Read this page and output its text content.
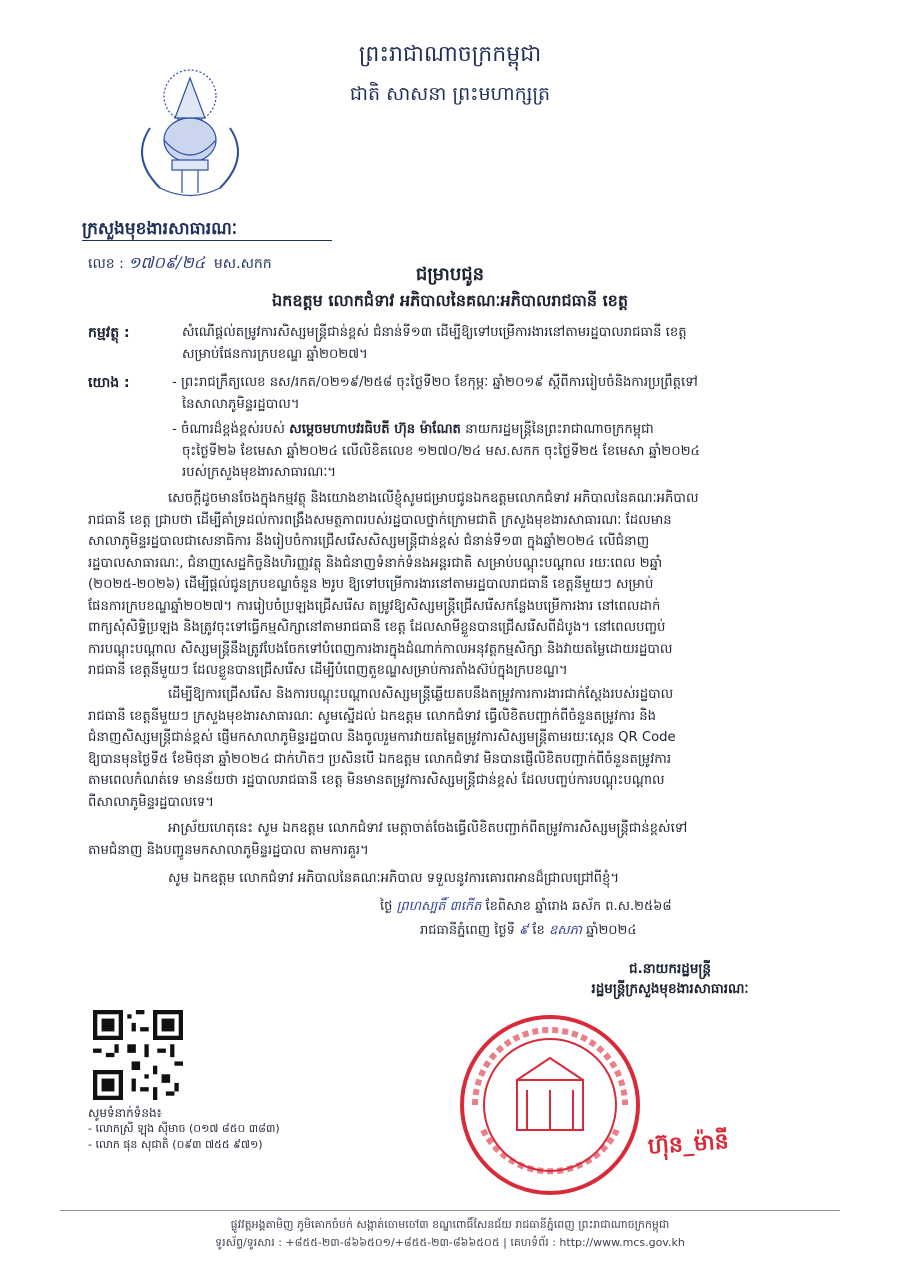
ព្រះរាជាណាចក្រកម្ពុជា
ជាតិ សាសនា ព្រះមហាក្សត្រ
ក្រសួងមុខងារសាធារណៈ
លេខ : ១៧០៩/២៤ មស.សកក	ជម្រាបជូន
ឯកឧត្តម លោកជំទាវ អភិបាលនៃគណៈអភិបាលរាជធានី ខេត្ត
កម្មវត្ថុ :	សំណើផ្តល់តម្រូវការសិស្សមន្ត្រីជាន់ខ្ពស់ ជំនាន់ទី១៣ ដើម្បីឱ្យទៅបម្រើការងារនៅតាមរដ្ឋបាលរាជធានី ខេត្ត
សម្រាប់ផែនការក្របខណ្ឌ ឆ្នាំ២០២៧។
យោង :	- ព្រះរាជក្រឹត្យលេខ នស/រកត/០២១៩/២៥៨ ចុះថ្ងៃទី២០ ខែកុម្ភៈ ឆ្នាំ២០១៩ ស្តីពីការរៀបចំនិងការប្រព្រឹត្តទៅ
នៃសាលាភូមិន្ទរដ្ឋបាល។
- ចំណារដ៏ខ្ពង់ខ្ពស់របស់ សម្តេចមហាបវរធិបតី ហ៊ុន ម៉ាណែត នាយករដ្ឋមន្ត្រីនៃព្រះរាជាណាចក្រកម្ពុជា
ចុះថ្ងៃទី២៦ ខែមេសា ឆ្នាំ២០២៤ លើលិខិតលេខ ១២៧០/២៤ មស.សកក ចុះថ្ងៃទី២៥ ខែមេសា ឆ្នាំ២០២៤
របស់ក្រសួងមុខងារសាធារណៈ។
សេចក្តីដូចមានចែងក្នុងកម្មវត្ថុ និងយោងខាងលើខ្ញុំសូមជម្រាបជូនឯកឧត្តមលោកជំទាវ អភិបាលនៃគណៈអភិបាល
រាជធានី ខេត្ត ជ្រាបថា ដើម្បីគាំទ្រដល់ការពង្រឹងសមត្ថភាពរបស់រដ្ឋបាលថ្នាក់ក្រោមជាតិ ក្រសួងមុខងារសាធារណៈ ដែលមាន
សាលាភូមិន្ទរដ្ឋបាលជាសេនាធិការ នឹងរៀបចំការជ្រើសរើសសិស្សមន្ត្រីជាន់ខ្ពស់ ជំនាន់ទី១៣ ក្នុងឆ្នាំ២០២៤ លើជំនាញ
រដ្ឋបាលសាធារណៈ, ជំនាញសេដ្ឋកិច្ចនិងហិរញ្ញវត្ថុ និងជំនាញទំនាក់ទំនងអន្តរជាតិ សម្រាប់បណ្តុះបណ្តាល រយៈពេល ២ឆ្នាំ
(២០២៥-២០២៦) ដើម្បីផ្តល់ជូនក្របខណ្ឌចំនួន ២រូប ឱ្យទៅបម្រើការងារនៅតាមរដ្ឋបាលរាជធានី ខេត្តនីមួយៗ សម្រាប់
ផែនការក្របខណ្ឌឆ្នាំ២០២៧។ ការរៀបចំប្រឡងជ្រើសរើស តម្រូវឱ្យសិស្សមន្ត្រីជ្រើសរើសកន្លែងបម្រើការងារ នៅពេលដាក់
ពាក្យសុំសិទ្ធិប្រឡង និងត្រូវចុះទៅធ្វើកម្មសិក្សានៅតាមរាជធានី ខេត្ត ដែលសាមីខ្លួនបានជ្រើសរើសពីដំបូង។ នៅពេលបញ្ចប់
ការបណ្តុះបណ្តាល សិស្សមន្ត្រីនឹងត្រូវបែងចែកទៅបំពេញការងារក្នុងដំណាក់កាលអនុវត្តកម្មសិក្សា និងវាយតម្លៃដោយរដ្ឋបាល
រាជធានី ខេត្តនីមួយៗ ដែលខ្លួនបានជ្រើសរើស ដើម្បីបំពេញតួខណ្ឌសម្រាប់ការតាំងស៊ប់ក្នុងក្របខណ្ឌ។
ដើម្បីឱ្យការជ្រើសរើស និងការបណ្តុះបណ្តាលសិស្សមន្ត្រីឆ្លើយតបនឹងតម្រូវការការងារជាក់ស្តែងរបស់រដ្ឋបាល
រាជធានី ខេត្តនីមួយៗ ក្រសួងមុខងារសាធារណៈ សូមស្នើដល់ ឯកឧត្តម លោកជំទាវ ធ្វើលិខិតបញ្ជាក់ពីចំនួនតម្រូវការ និង
ជំនាញសិស្សមន្ត្រីជាន់ខ្ពស់ ផ្ញើមកសាលាភូមិន្ទរដ្ឋបាល និងចូលរួមការវាយតម្លៃតម្រូវការសិស្សមន្ត្រីតាមរយៈស្កេន QR Code
ឱ្យបានមុនថ្ងៃទី៥ ខែមិថុនា ឆ្នាំ២០២៤ ជាក់ហិតៗ ប្រសិនបើ ឯកឧត្តម លោកជំទាវ មិនបានផ្ញើលិខិតបញ្ជាក់ពីចំនួនតម្រូវការ
តាមពេលកំណត់ទេ មានន័យថា រដ្ឋបាលរាជធានី ខេត្ត មិនមានតម្រូវការសិស្សមន្ត្រីជាន់ខ្ពស់ ដែលបញ្ចប់ការបណ្តុះបណ្តាល
ពីសាលាភូមិន្ទរដ្ឋបាលទេ។
អាស្រ័យហេតុនេះ សូម ឯកឧត្តម លោកជំទាវ មេត្តាចាត់ចែងធ្វើលិខិតបញ្ជាក់ពីតម្រូវការសិស្សមន្ត្រីជាន់ខ្ពស់ទៅ
តាមជំនាញ និងបញ្ជូនមកសាលាភូមិន្ទរដ្ឋបាល តាមការគួរ។
សូម ឯកឧត្តម លោកជំទាវ អភិបាលនៃគណៈអភិបាល ទទួលនូវការគោរពអានដ៏ជ្រាលជ្រៅពីខ្ញុំ។
ថ្ងៃ ព្រហស្បតិ៍ ៣កើត ខែពិសាខ ឆ្នាំរោង ឆស័ក ព.ស.២៥៦៨
រាជធានីភ្នំពេញ ថ្ងៃទី ៩ ខែ ឧសភា ឆ្នាំ២០២៤
ជ.នាយករដ្ឋមន្ត្រី
រដ្ឋមន្ត្រីក្រសួងមុខងារសាធារណៈ
ហ៊ុន_ម៉ានី
សូមទំនាក់ទំនង៖
- លោកស្រី ឡុង ស៊ីមាច (០១៧ ៨៥០ ៣៨៣)
- លោក ផុន សុជាតិ (០៩៣ ៧៥៥ ៩៧១)
ផ្លូវវត្តអង្គតាមិញ ភូមិគោកចំបក់ សង្កាត់ចោមចៅ៣ ខណ្ឌពោធិ៍សែនជ័យ រាជធានីភ្នំពេញ ព្រះរាជាណាចក្រកម្ពុជា
ទូរស័ព្ទ/ទូរសារ : +៨៥៥-២៣-៨៦៦៥០១/+៨៥៥-២៣-៨៦៦៥០៥ | គេហទំព័រ : http://www.mcs.gov.kh
